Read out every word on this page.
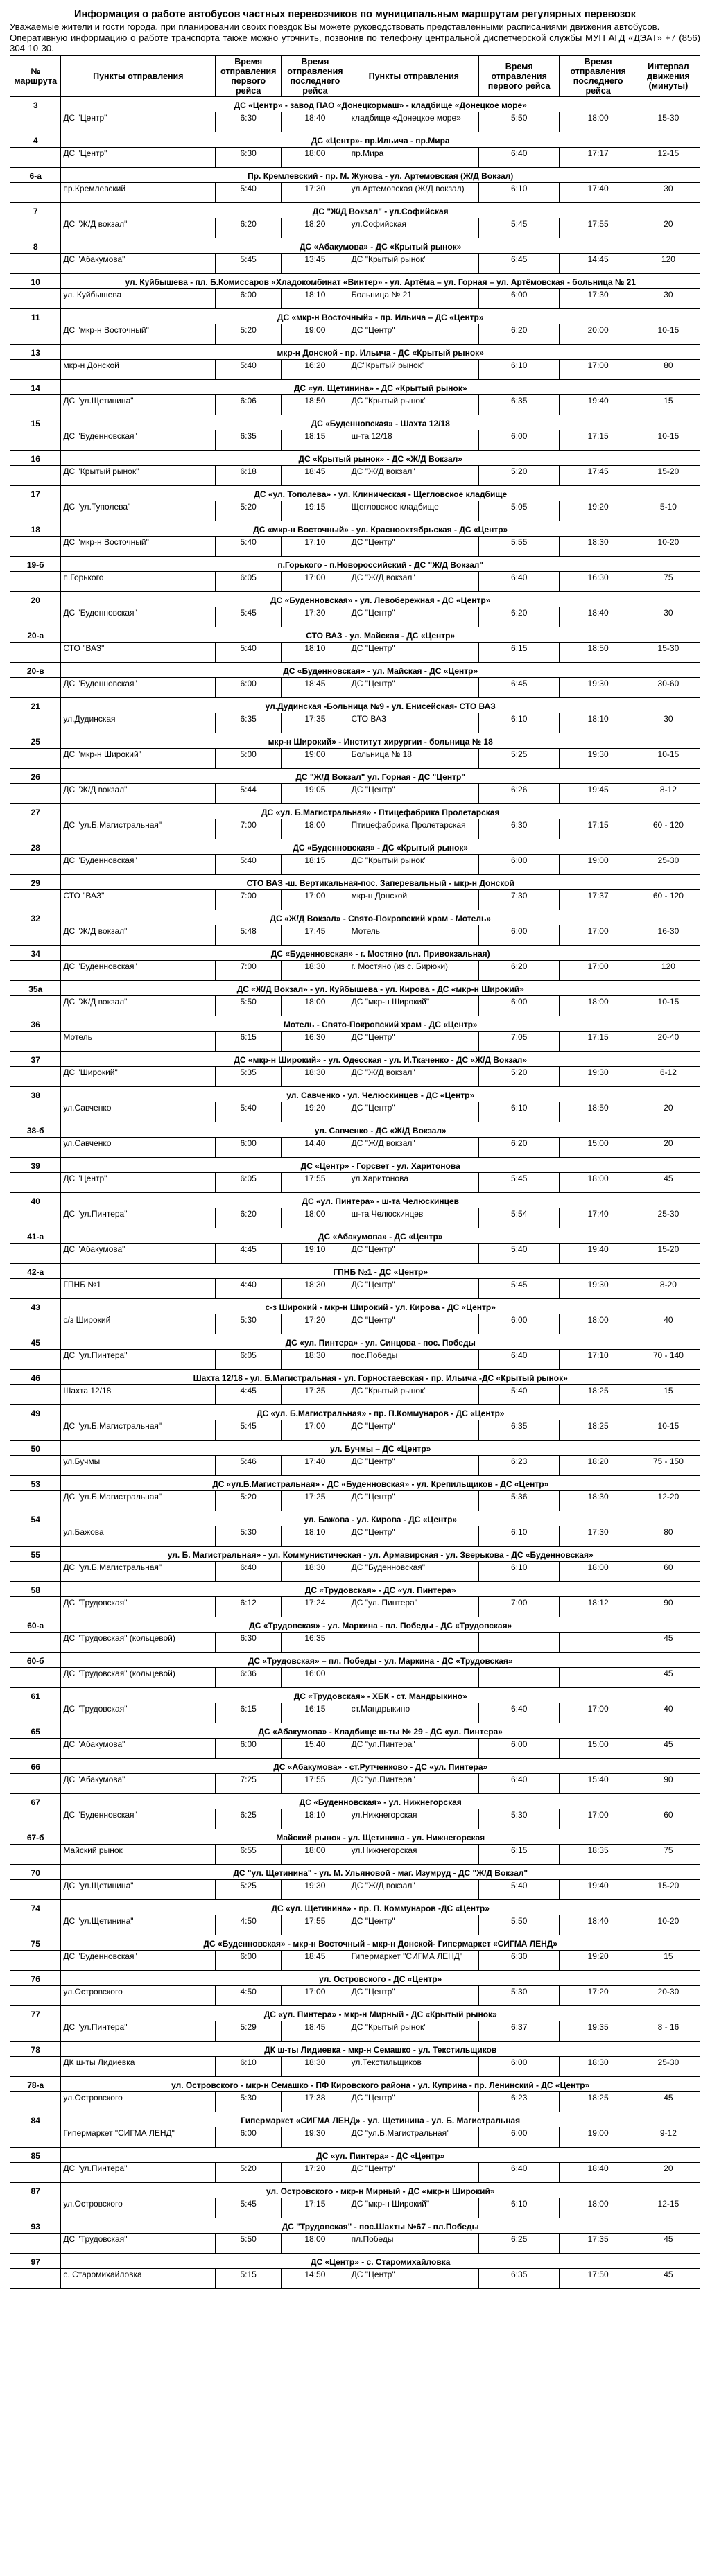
Информация о работе автобусов частных перевозчиков по муниципальным маршрутам регулярных перевозок

Уважаемые жители и гости города, при планировании своих поездок Вы можете руководствовать представленными расписаниями движения автобусов.

Оперативную информацию о работе транспорта также можно уточнить, позвонив по телефону центральной диспетчерской службы МУП АГД «ДЭАТ» +7 (856) 304-10-30.

№ маршрута	Пункты отправления	Время отправления первого рейса	Время отправления последнего рейса	Пункты отправления	Время отправления первого рейса	Время отправления последнего рейса	Интервал движения (минуты)
3	ДС «Центр» - завод ПАО «Донецкормаш» - кладбище «Донецкое море»						
	ДС "Центр"	6:30	18:40	кладбище «Донецкое море»	5:50	18:00	15-30
4	ДС «Центр»- пр.Ильича - пр.Мира						
	ДС "Центр"	6:30	18:00	пр.Мира	6:40	17:17	12-15
6-а	Пр. Кремлевский - пр. М. Жукова - ул. Артемовская (Ж/Д Вокзал)						
	пр.Кремлевский	5:40	17:30	ул.Артемовская (Ж/Д вокзал)	6:10	17:40	30
7	ДС "Ж/Д Вокзал" - ул.Софийская						
	ДС "Ж/Д вокзал"	6:20	18:20	ул.Софийская	5:45	17:55	20
8	ДС «Абакумова» - ДС «Крытый рынок»						
	ДС "Абакумова"	5:45	13:45	ДС "Крытый рынок"	6:45	14:45	120
10	ул. Куйбышева - пл. Б.Комиссаров «Хладокомбинат «Винтер» - ул. Артёма – ул. Горная – ул. Артёмовская - больница № 21						
	ул. Куйбышева	6:00	18:10	Больница № 21	6:00	17:30	30
11	ДС «мкр-н Восточный» - пр. Ильича – ДС «Центр»						
	ДС "мкр-н Восточный"	5:20	19:00	ДС "Центр"	6:20	20:00	10-15
13	мкр-н Донской - пр. Ильича - ДС «Крытый рынок»						
	мкр-н Донской	5:40	16:20	ДС"Крытый рынок"	6:10	17:00	80
14	ДС «ул. Щетинина» - ДС «Крытый рынок»						
	ДС "ул.Щетинина"	6:06	18:50	ДС "Крытый рынок"	6:35	19:40	15
15	ДС «Буденновская» - Шахта 12/18						
	ДС "Буденновская"	6:35	18:15	ш-та 12/18	6:00	17:15	10-15
16	ДС «Крытый рынок» - ДС «Ж/Д Вокзал»						
	ДС "Крытый рынок"	6:18	18:45	ДС "Ж/Д вокзал"	5:20	17:45	15-20
17	ДС «ул. Тополева» - ул. Клиническая - Щегловское кладбище						
	ДС "ул.Туполева"	5:20	19:15	Щегловское кладбище	5:05	19:20	5-10
18	ДС «мкр-н Восточный» - ул. Краснооктябрьская - ДС «Центр»						
	ДС "мкр-н Восточный"	5:40	17:10	ДС "Центр"	5:55	18:30	10-20
19-б	п.Горького - п.Новороссийский - ДС "Ж/Д Вокзал"						
	п.Горького	6:05	17:00	ДС "Ж/Д вокзал"	6:40	16:30	75
20	ДС «Буденновская» - ул. Левобережная - ДС «Центр»						
	ДС "Буденновская"	5:45	17:30	ДС "Центр"	6:20	18:40	30
20-а	СТО ВАЗ - ул. Майская - ДС «Центр»						
	СТО "ВАЗ"	5:40	18:10	ДС "Центр"	6:15	18:50	15-30
20-в	ДС «Буденновская» - ул. Майская - ДС «Центр»						
	ДС "Буденновская"	6:00	18:45	ДС "Центр"	6:45	19:30	30-60
21	ул.Дудинская -Больница №9 - ул. Енисейская- СТО ВАЗ						
	ул.Дудинская	6:35	17:35	СТО ВАЗ	6:10	18:10	30
25	мкр-н Широкий» - Институт хирургии - больница № 18						
	ДС "мкр-н Широкий"	5:00	19:00	Больница № 18	5:25	19:30	10-15
26	ДС "Ж/Д Вокзал" ул. Горная - ДС "Центр"						
	ДС "Ж/Д вокзал"	5:44	19:05	ДС "Центр"	6:26	19:45	8-12
27	ДС «ул. Б.Магистральная» - Птицефабрика Пролетарская						
	ДС "ул.Б.Магистральная"	7:00	18:00	Птицефабрика Пролетарская	6:30	17:15	60 - 120
28	ДС «Буденновская» - ДС «Крытый рынок»						
	ДС "Буденновская"	5:40	18:15	ДС "Крытый рынок"	6:00	19:00	25-30
29	СТО ВАЗ -ш. Вертикальная-пос. Заперевальный - мкр-н Донской						
	СТО "ВАЗ"	7:00	17:00	мкр-н Донской	7:30	17:37	60 - 120
32	ДС «Ж/Д Вокзал» - Свято-Покровский храм - Мотель»						
	ДС "Ж/Д вокзал"	5:48	17:45	Мотель	6:00	17:00	16-30
34	ДС «Буденновская» - г. Мостяно (пл. Привокзальная)						
	ДС "Буденновская"	7:00	18:30	г. Мостяно (из с. Бирюки)	6:20	17:00	120
35а	ДС «Ж/Д Вокзал» - ул. Куйбышева - ул. Кирова - ДС «мкр-н Широкий»						
	ДС "Ж/Д вокзал"	5:50	18:00	ДС "мкр-н Широкий"	6:00	18:00	10-15
36	Мотель - Свято-Покровский храм - ДС «Центр»						
	Мотель	6:15	16:30	ДС "Центр"	7:05	17:15	20-40
37	ДС «мкр-н Широкий» - ул. Одесская - ул. И.Ткаченко - ДС «Ж/Д Вокзал»						
	ДС "Широкий"	5:35	18:30	ДС "Ж/Д вокзал"	5:20	19:30	6-12
38	ул. Савченко - ул. Челюскинцев - ДС «Центр»						
	ул.Савченко	5:40	19:20	ДС "Центр"	6:10	18:50	20
38-б	ул. Савченко - ДС «Ж/Д Вокзал»						
	ул.Савченко	6:00	14:40	ДС "Ж/Д вокзал"	6:20	15:00	20
39	ДС «Центр» - Горсвет - ул. Харитонова						
	ДС "Центр"	6:05	17:55	ул.Харитонова	5:45	18:00	45
40	ДС «ул. Пинтера» - ш-та Челюскинцев						
	ДС "ул.Пинтера"	6:20	18:00	ш-та Челюскинцев	5:54	17:40	25-30
41-а	ДС «Абакумова» - ДС «Центр»						
	ДС "Абакумова"	4:45	19:10	ДС "Центр"	5:40	19:40	15-20
42-а	ГПНБ №1 - ДС «Центр»						
	ГПНБ №1	4:40	18:30	ДС "Центр"	5:45	19:30	8-20
43	с-з Широкий - мкр-н Широкий - ул. Кирова - ДС «Центр»						
	с/з Широкий	5:30	17:20	ДС "Центр"	6:00	18:00	40
45	ДС «ул. Пинтера» - ул. Синцова - пос. Победы						
	ДС "ул.Пинтера"	6:05	18:30	пос.Победы	6:40	17:10	70 - 140
46	Шахта 12/18 - ул. Б.Магистральная - ул. Горностаевская - пр. Ильича -ДС «Крытый рынок»						
	Шахта 12/18	4:45	17:35	ДС "Крытый рынок"	5:40	18:25	15
49	ДС «ул. Б.Магистральная» - пр. П.Коммунаров - ДС «Центр»						
	ДС "ул.Б.Магистральная"	5:45	17:00	ДС "Центр"	6:35	18:25	10-15
50	ул. Бучмы – ДС «Центр»						
	ул.Бучмы	5:46	17:40	ДС "Центр"	6:23	18:20	75 - 150
53	ДС «ул.Б.Магистральная» - ДС «Буденновская» - ул. Крепильщиков - ДС «Центр»						
	ДС "ул.Б.Магистральная"	5:20	17:25	ДС "Центр"	5:36	18:30	12-20
54	ул. Бажова - ул. Кирова - ДС «Центр»						
	ул.Бажова	5:30	18:10	ДС "Центр"	6:10	17:30	80
55	ул. Б. Магистральная» - ул. Коммунистическая - ул. Армавирская - ул. Зверькова - ДС «Буденновская»						
	ДС "ул.Б.Магистральная"	6:40	18:30	ДС "Буденновская"	6:10	18:00	60
58	ДС «Трудовская» - ДС «ул. Пинтера»						
	ДС "Трудовская"	6:12	17:24	ДС "ул. Пинтера"	7:00	18:12	90
60-а	ДС «Трудовская» - ул. Маркина - пл. Победы - ДС «Трудовская»						
	ДС "Трудовская" (кольцевой)	6:30	16:35				45
60-б	ДС «Трудовская» – пл. Победы - ул. Маркина - ДС «Трудовская»						
	ДС "Трудовская" (кольцевой)	6:36	16:00				45
61	ДС «Трудовская» - ХБК - ст. Мандрыкино»						
	ДС "Трудовская"	6:15	16:15	ст.Мандрыкино	6:40	17:00	40
65	ДС «Абакумова» - Кладбище ш-ты № 29 - ДС «ул. Пинтера»						
	ДС "Абакумова"	6:00	15:40	ДС "ул.Пинтера"	6:00	15:00	45
66	ДС «Абакумова» - ст.Рутченково - ДС «ул. Пинтера»						
	ДС "Абакумова"	7:25	17:55	ДС "ул.Пинтера"	6:40	15:40	90
67	ДС «Буденновская» - ул. Нижнегорская						
	ДС "Буденновская"	6:25	18:10	ул.Нижнегорская	5:30	17:00	60
67-б	Майский рынок - ул. Щетинина - ул. Нижнегорская						
	Майский рынок	6:55	18:00	ул.Нижнегорская	6:15	18:35	75
70	ДС "ул. Щетинина" - ул. М. Ульяновой - маг. Изумруд - ДС "Ж/Д Вокзал"						
	ДС "ул.Щетинина"	5:25	19:30	ДС "Ж/Д вокзал"	5:40	19:40	15-20
74	ДС «ул. Щетинина» - пр. П. Коммунаров -ДС «Центр»						
	ДС "ул.Щетинина"	4:50	17:55	ДС "Центр"	5:50	18:40	10-20
75	ДС «Буденновская» - мкр-н Восточный - мкр-н Донской- Гипермаркет «СИГМА ЛЕНД»						
	ДС "Буденновская"	6:00	18:45	Гипермаркет "СИГМА ЛЕНД"	6:30	19:20	15
76	ул. Островского - ДС «Центр»						
	ул.Островского	4:50	17:00	ДС "Центр"	5:30	17:20	20-30
77	ДС «ул. Пинтера» - мкр-н Мирный - ДС «Крытый рынок»						
	ДС "ул.Пинтера"	5:29	18:45	ДС "Крытый рынок"	6:37	19:35	8 - 16
78	ДК ш-ты Лидиевка - мкр-н Семашко - ул. Текстильщиков						
	ДК ш-ты Лидиевка	6:10	18:30	ул.Текстильщиков	6:00	18:30	25-30
78-а	ул. Островского - мкр-н Семашко - ПФ Кировского района - ул. Куприна - пр. Ленинский - ДС «Центр»						
	ул.Островского	5:30	17:38	ДС "Центр"	6:23	18:25	45
84	Гипермаркет «СИГМА ЛЕНД» - ул. Щетинина - ул. Б. Магистральная						
	Гипермаркет "СИГМА ЛЕНД"	6:00	19:30	ДС "ул.Б.Магистральная"	6:00	19:00	9-12
85	ДС «ул. Пинтера» - ДС «Центр»						
	ДС "ул.Пинтера"	5:20	17:20	ДС "Центр"	6:40	18:40	20
87	ул. Островского - мкр-н Мирный - ДС «мкр-н Широкий»						
	ул.Островского	5:45	17:15	ДС "мкр-н Широкий"	6:10	18:00	12-15
93	ДС "Трудовская" - пос.Шахты №67 - пл.Победы						
	ДС "Трудовская"	5:50	18:00	пл.Победы	6:25	17:35	45
97	ДС «Центр» - с. Старомихайловка						
	с. Старомихайловка	5:15	14:50	ДС "Центр"	6:35	17:50	45
